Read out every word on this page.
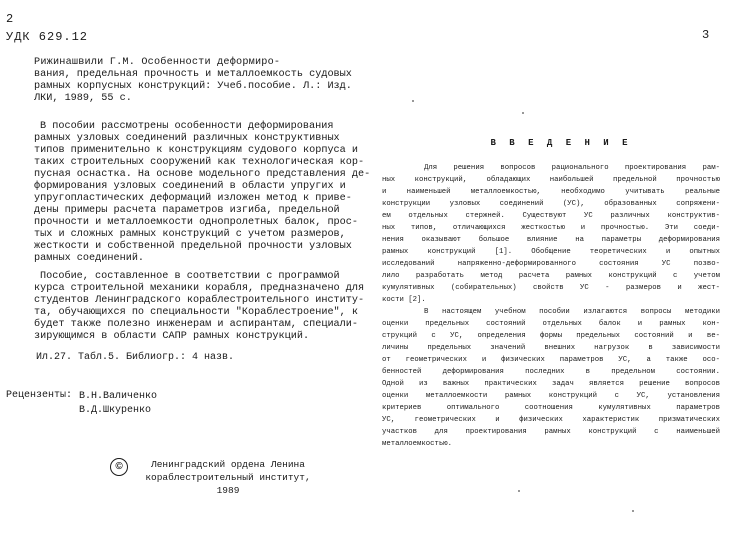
2
УДК 629.12
Рижинашвили Г.М. Особенности деформиро-
вания, предельная прочность и металлоемкость судовых
рамных корпусных конструкций: Учеб.пособие. Л.: Изд.
ЛКИ, 1989, 55 с.
В пособии рассмотрены особенности деформирования
рамных узловых соединений различных конструктивных
типов применительно к конструкциям судового корпуса и
таких строительных сооружений как технологическая кор-
пусная оснастка. На основе модельного представления де-
формирования узловых соединений в области упругих и
упругопластических деформаций изложен метод к приве-
дены примеры расчета параметров изгиба, предельной
прочности и металлоемкости однопролетных балок, прос-
тых и сложных рамных конструкций с учетом размеров,
жесткости и собственной предельной прочности узловых
рамных соединений.
Пособие, составленное в соответствии с программой
курса строительной механики корабля, предназначено для
студентов Ленинградского кораблестроительного институ-
та, обучающихся по специальности "Кораблестроение", к
будет также полезно инженерам и аспирантам, специали-
зирующимся в области САПР рамных конструкций.
Ил.27. Табл.5. Библиогр.: 4 назв.
Рецензенты: В.Н.Валиченко
В.Д.Шкуренко
©	Ленинградский ордена Ленина
кораблестроительный институт,
1989
3
В В Е Д Е Н И Е
Для решения вопросов рационального проектирования рам-
ных конструкций, обладающих наибольшей предельной прочностью
и наименьшей металлоемкостью, необходимо учитывать реальные
конструкции узловых соединений (УС), образованных сопряжени-
ем отдельных стержней. Существуют УС различных конструктив-
ных типов, отличающихся жесткостью и прочностью. Эти соеди-
нения оказывают большое влияние на параметры деформирования
рамных конструкций [1]. Обобщение теоретических и опытных
исследований напряженно-деформированного состояния УС позво-
лило разработать метод расчета рамных конструкций с учетом
кумулятивных (собирательных) свойств УС - размеров и жест-
кости [2].
В настоящем учебном пособии излагаются вопросы методики
оценки предельных состояний отдельных балок и рамных кон-
струкций с УС, определения формы предельных состояний и ве-
личины предельных значений внешних нагрузок в зависимости
от геометрических и физических параметров УС, а также осо-
бенностей деформирования последних в предельном состоянии.
Одной из важных практических задач является решение вопросов
оценки металлоемкости рамных конструкций с УС, установления
критериев оптимального соотношения кумулятивных параметров
УС, геометрических и физических характеристик призматических
участков для проектирования рамных конструкций с наименьшей
металлоемкостью.
